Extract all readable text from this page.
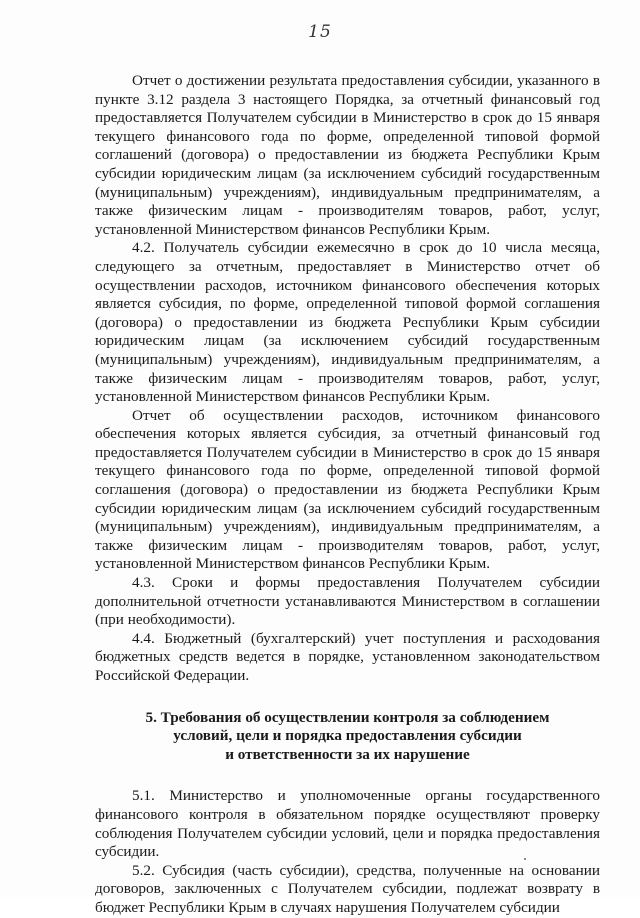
15

Отчет о достижении результата предоставления субсидии, указанного в пункте 3.12 раздела 3 настоящего Порядка, за отчетный финансовый год предоставляется Получателем субсидии в Министерство в срок до 15 января текущего финансового года по форме, определенной типовой формой соглашений (договора) о предоставлении из бюджета Республики Крым субсидии юридическим лицам (за исключением субсидий государственным (муниципальным) учреждениям), индивидуальным предпринимателям, а также физическим лицам - производителям товаров, работ, услуг, установленной Министерством финансов Республики Крым.

4.2. Получатель субсидии ежемесячно в срок до 10 числа месяца, следующего за отчетным, предоставляет в Министерство отчет об осуществлении расходов, источником финансового обеспечения которых является субсидия, по форме, определенной типовой формой соглашения (договора) о предоставлении из бюджета Республики Крым субсидии юридическим лицам (за исключением субсидий государственным (муниципальным) учреждениям), индивидуальным предпринимателям, а также физическим лицам - производителям товаров, работ, услуг, установленной Министерством финансов Республики Крым.

Отчет об осуществлении расходов, источником финансового обеспечения которых является субсидия, за отчетный финансовый год предоставляется Получателем субсидии в Министерство в срок до 15 января текущего финансового года по форме, определенной типовой формой соглашения (договора) о предоставлении из бюджета Республики Крым субсидии юридическим лицам (за исключением субсидий государственным (муниципальным) учреждениям), индивидуальным предпринимателям, а также физическим лицам - производителям товаров, работ, услуг, установленной Министерством финансов Республики Крым.

4.3. Сроки и формы предоставления Получателем субсидии дополнительной отчетности устанавливаются Министерством в соглашении (при необходимости).

4.4. Бюджетный (бухгалтерский) учет поступления и расходования бюджетных средств ведется в порядке, установленном законодательством Российской Федерации.

5. Требования об осуществлении контроля за соблюдением
условий, цели и порядка предоставления субсидии
и ответственности за их нарушение

5.1. Министерство и уполномоченные органы государственного финансового контроля в обязательном порядке осуществляют проверку соблюдения Получателем субсидии условий, цели и порядка предоставления субсидии.

5.2. Субсидия (часть субсидии), средства, полученные на основании договоров, заключенных с Получателем субсидии, подлежат возврату в бюджет Республики Крым в случаях нарушения Получателем субсидии
